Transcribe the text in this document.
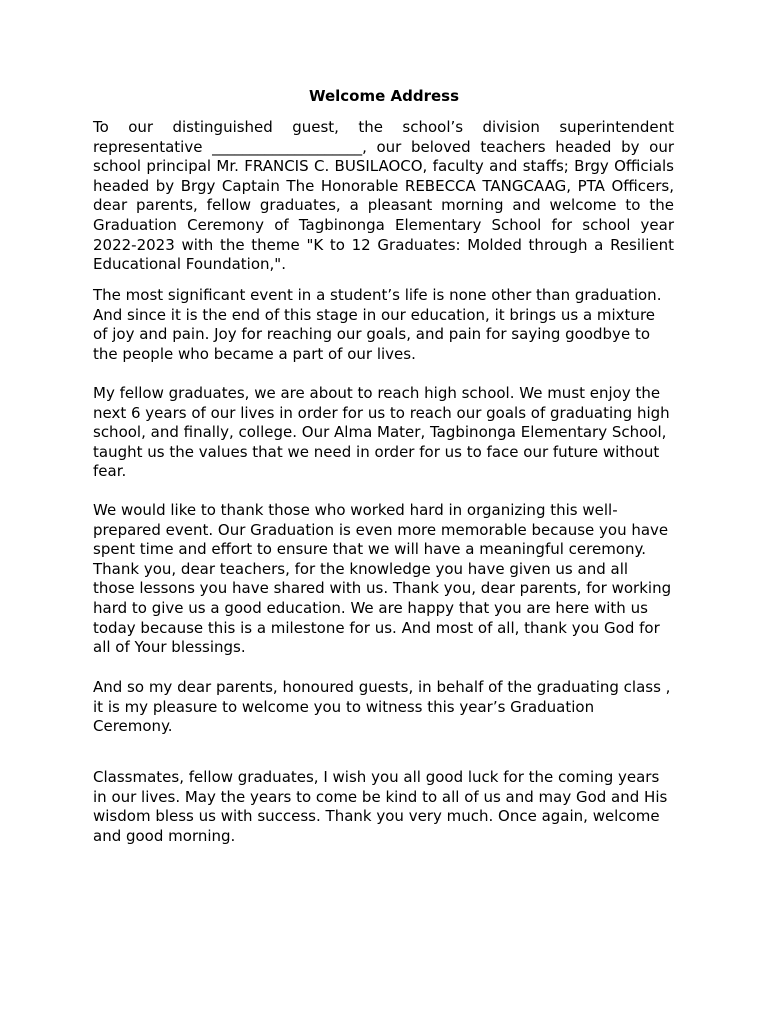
Welcome Address

To our distinguished guest, the school’s division superintendent representative ____________________, our beloved teachers headed by our school principal Mr. FRANCIS C. BUSILAOCO, faculty and staffs; Brgy Officials headed by Brgy Captain The Honorable REBECCA TANGCAAG, PTA Officers, dear parents, fellow graduates, a pleasant morning and welcome to the Graduation Ceremony of Tagbinonga Elementary School for school year 2022-2023 with the theme "K to 12 Graduates: Molded through a Resilient Educational Foundation,".

The most significant event in a student’s life is none other than graduation. And since it is the end of this stage in our education, it brings us a mixture of joy and pain. Joy for reaching our goals, and pain for saying goodbye to the people who became a part of our lives.

My fellow graduates, we are about to reach high school. We must enjoy the next 6 years of our lives in order for us to reach our goals of graduating high school, and finally, college. Our Alma Mater, Tagbinonga Elementary School, taught us the values that we need in order for us to face our future without fear.

We would like to thank those who worked hard in organizing this well-prepared event. Our Graduation is even more memorable because you have spent time and effort to ensure that we will have a meaningful ceremony. Thank you, dear teachers, for the knowledge you have given us and all those lessons you have shared with us. Thank you, dear parents, for working hard to give us a good education. We are happy that you are here with us today because this is a milestone for us. And most of all, thank you God for all of Your blessings.

And so my dear parents, honoured guests, in behalf of the graduating class , it is my pleasure to welcome you to witness this year’s Graduation Ceremony.

Classmates, fellow graduates, I wish you all good luck for the coming years in our lives. May the years to come be kind to all of us and may God and His wisdom bless us with success. Thank you very much. Once again, welcome and good morning.
